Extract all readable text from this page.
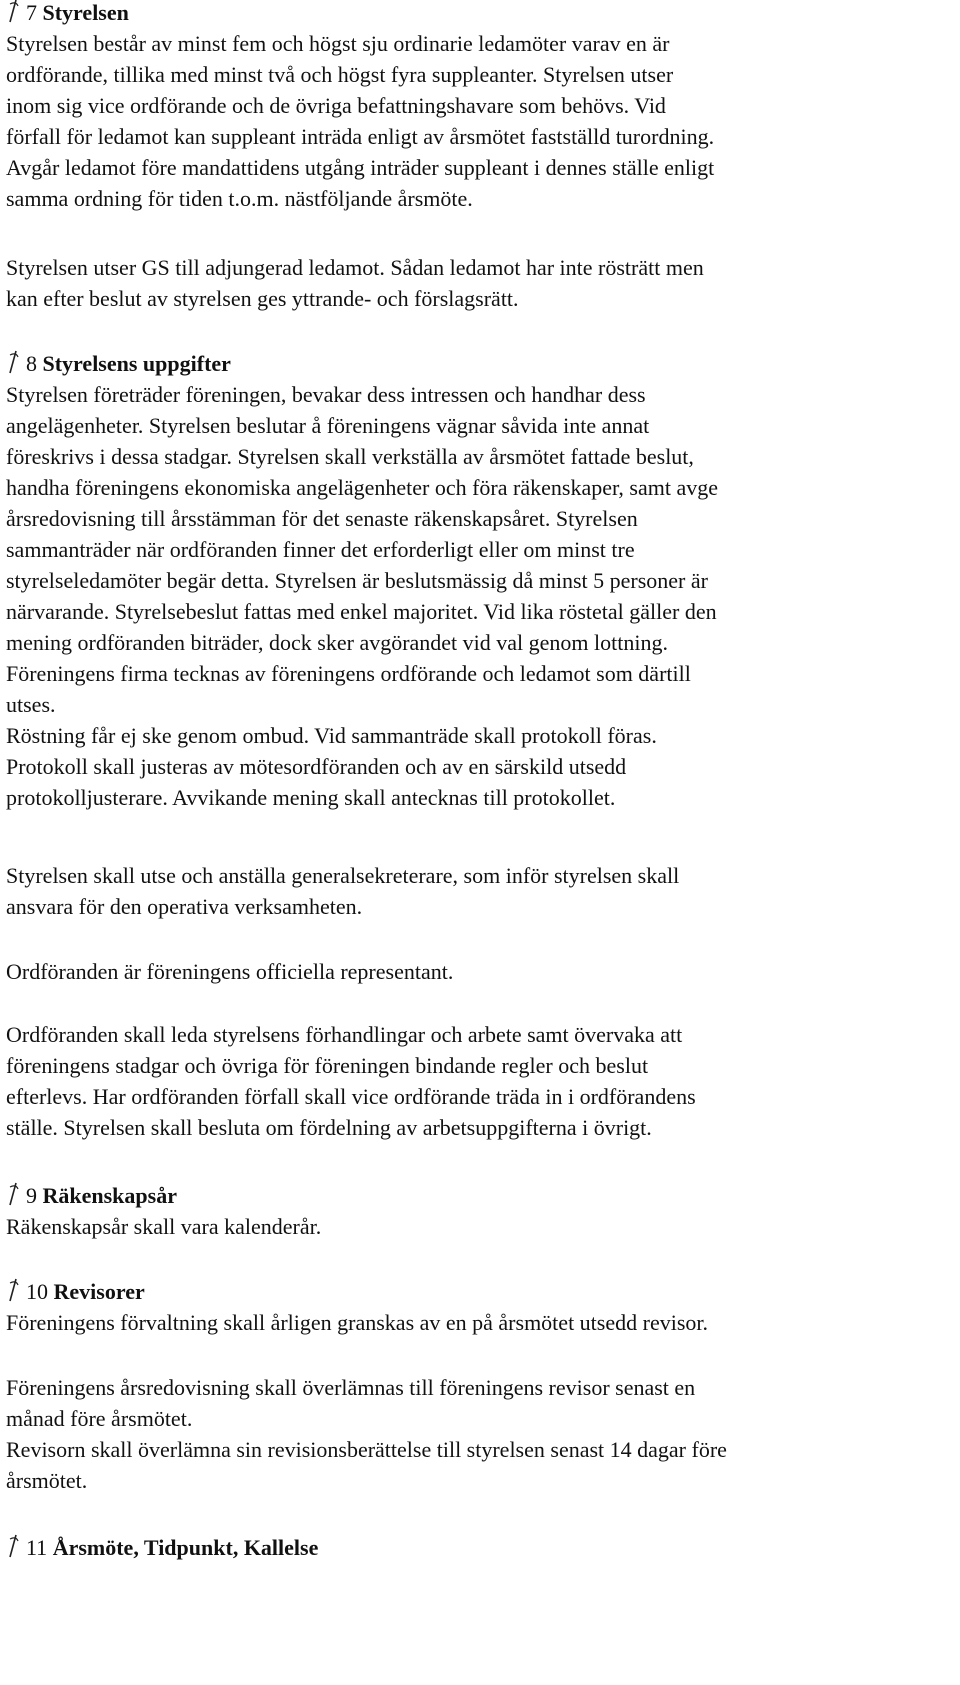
7 Styrelsen

Styrelsen består av minst fem och högst sju ordinarie ledamöter varav en är
ordförande, tillika med minst två och högst fyra suppleanter. Styrelsen utser
inom sig vice ordförande och de övriga befattningshavare som behövs. Vid
förfall för ledamot kan suppleant inträda enligt av årsmötet fastställd turordning.
Avgår ledamot före mandattidens utgång inträder suppleant i dennes ställe enligt
samma ordning för tiden t.o.m. nästföljande årsmöte.

Styrelsen utser GS till adjungerad ledamot. Sådan ledamot har inte rösträtt men
kan efter beslut av styrelsen ges yttrande- och förslagsrätt.

8 Styrelsens uppgifter

Styrelsen företräder föreningen, bevakar dess intressen och handhar dess
angelägenheter. Styrelsen beslutar å föreningens vägnar såvida inte annat
föreskrivs i dessa stadgar. Styrelsen skall verkställa av årsmötet fattade beslut,
handha föreningens ekonomiska angelägenheter och föra räkenskaper, samt avge
årsredovisning till årsstämman för det senaste räkenskapsåret. Styrelsen
sammanträder när ordföranden finner det erforderligt eller om minst tre
styrelseledamöter begär detta. Styrelsen är beslutsmässig då minst 5 personer är
närvarande. Styrelsebeslut fattas med enkel majoritet. Vid lika röstetal gäller den
mening ordföranden biträder, dock sker avgörandet vid val genom lottning.
Föreningens firma tecknas av föreningens ordförande och ledamot som därtill
utses.
Röstning får ej ske genom ombud. Vid sammanträde skall protokoll föras.
Protokoll skall justeras av mötesordföranden och av en särskild utsedd
protokolljusterare. Avvikande mening skall antecknas till protokollet.

Styrelsen skall utse och anställa generalsekreterare, som inför styrelsen skall
ansvara för den operativa verksamheten.

Ordföranden är föreningens officiella representant.

Ordföranden skall leda styrelsens förhandlingar och arbete samt övervaka att
föreningens stadgar och övriga för föreningen bindande regler och beslut
efterlevs. Har ordföranden förfall skall vice ordförande träda in i ordförandens
ställe. Styrelsen skall besluta om fördelning av arbetsuppgifterna i övrigt.

9 Räkenskapsår

Räkenskapsår skall vara kalenderår.

10 Revisorer

Föreningens förvaltning skall årligen granskas av en på årsmötet utsedd revisor.

Föreningens årsredovisning skall överlämnas till föreningens revisor senast en
månad före årsmötet.
Revisorn skall överlämna sin revisionsberättelse till styrelsen senast 14 dagar före
årsmötet.

11 Årsmöte, Tidpunkt, Kallelse
